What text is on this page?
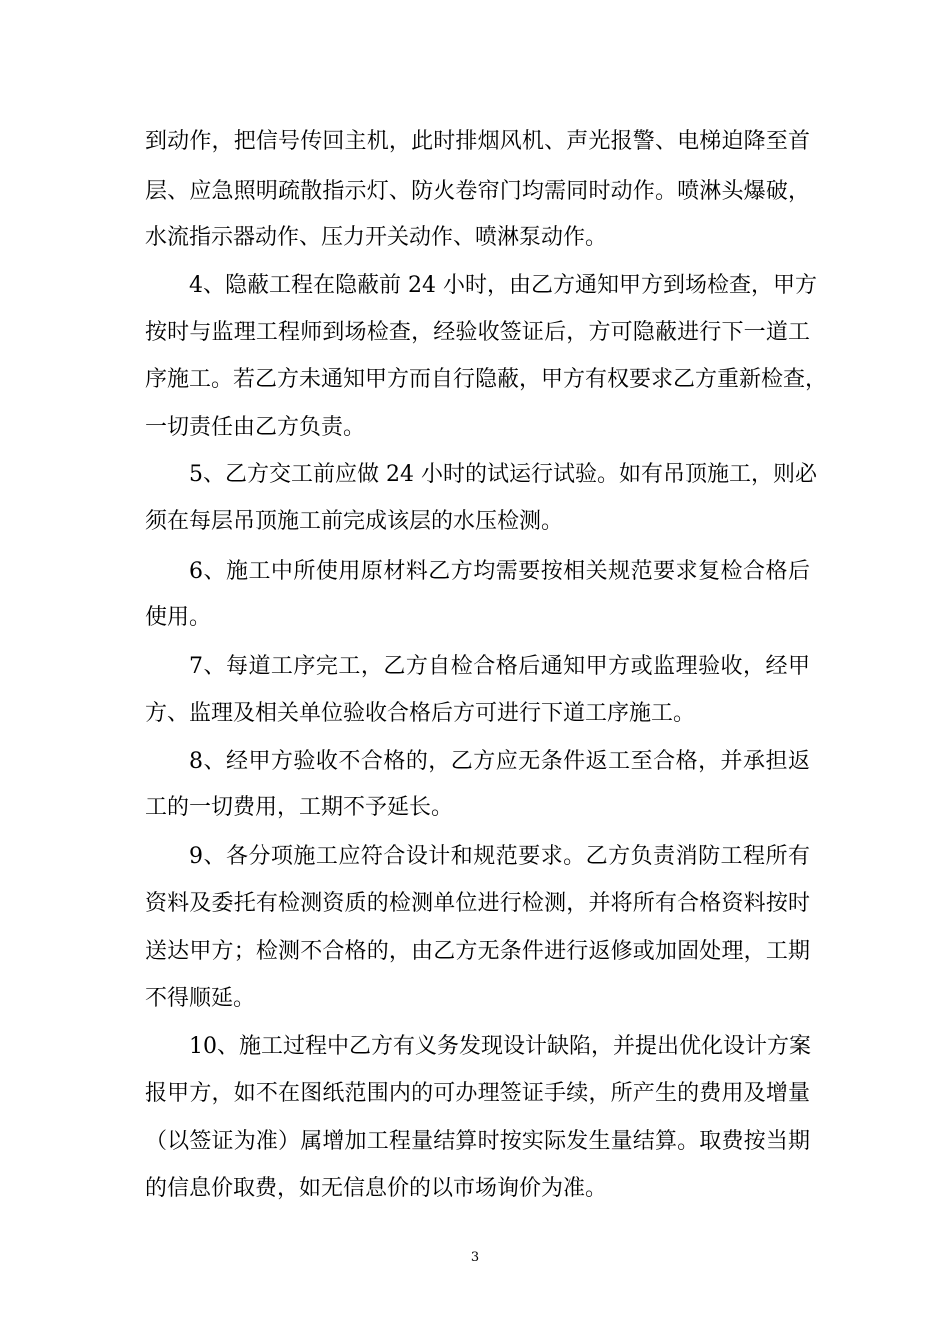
到动作，把信号传回主机，此时排烟风机、声光报警、电梯迫降至首
层、应急照明疏散指示灯、防火卷帘门均需同时动作。喷淋头爆破，
水流指示器动作、压力开关动作、喷淋泵动作。
4、隐蔽工程在隐蔽前 24 小时，由乙方通知甲方到场检查，甲方
按时与监理工程师到场检查，经验收签证后，方可隐蔽进行下一道工
序施工。若乙方未通知甲方而自行隐蔽，甲方有权要求乙方重新检查，
一切责任由乙方负责。
5、乙方交工前应做 24 小时的试运行试验。如有吊顶施工，则必
须在每层吊顶施工前完成该层的水压检测。
6、施工中所使用原材料乙方均需要按相关规范要求复检合格后
使用。
7、每道工序完工，乙方自检合格后通知甲方或监理验收，经甲
方、监理及相关单位验收合格后方可进行下道工序施工。
8、经甲方验收不合格的，乙方应无条件返工至合格，并承担返
工的一切费用，工期不予延长。
9、各分项施工应符合设计和规范要求。乙方负责消防工程所有
资料及委托有检测资质的检测单位进行检测，并将所有合格资料按时
送达甲方；检测不合格的，由乙方无条件进行返修或加固处理，工期
不得顺延。
10、施工过程中乙方有义务发现设计缺陷，并提出优化设计方案
报甲方，如不在图纸范围内的可办理签证手续，所产生的费用及增量
（以签证为准）属增加工程量结算时按实际发生量结算。取费按当期
的信息价取费，如无信息价的以市场询价为准。
3
